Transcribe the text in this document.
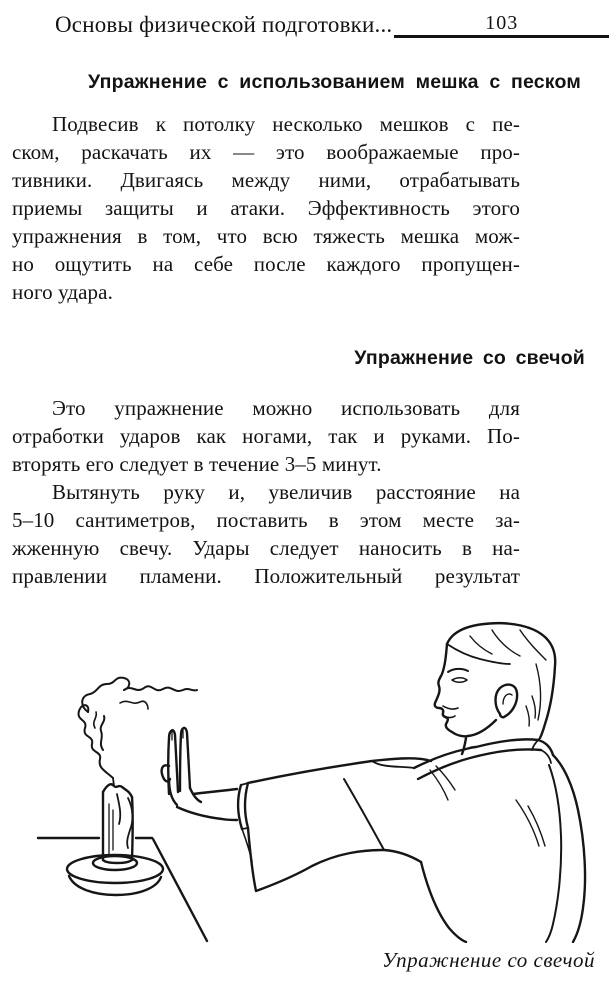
Основы физической подготовки...	103
Упражнение с использованием мешка с песком

Подвесив к потолку несколько мешков с пе-
ском, раскачать их — это воображаемые про-
тивники. Двигаясь между ними, отрабатывать
приемы защиты и атаки. Эффективность этого
упражнения в том, что всю тяжесть мешка мож-
но ощутить на себе после каждого пропущен-
ного удара.

Упражнение со свечой

Это упражнение можно использовать для
отработки ударов как ногами, так и руками. По-
вторять его следует в течение 3–5 минут.

Вытянуть руку и, увеличив расстояние на
5–10 сантиметров, поставить в этом месте за-
жженную свечу. Удары следует наносить в на-
правлении пламени. Положительный результат

Упражнение со свечой
